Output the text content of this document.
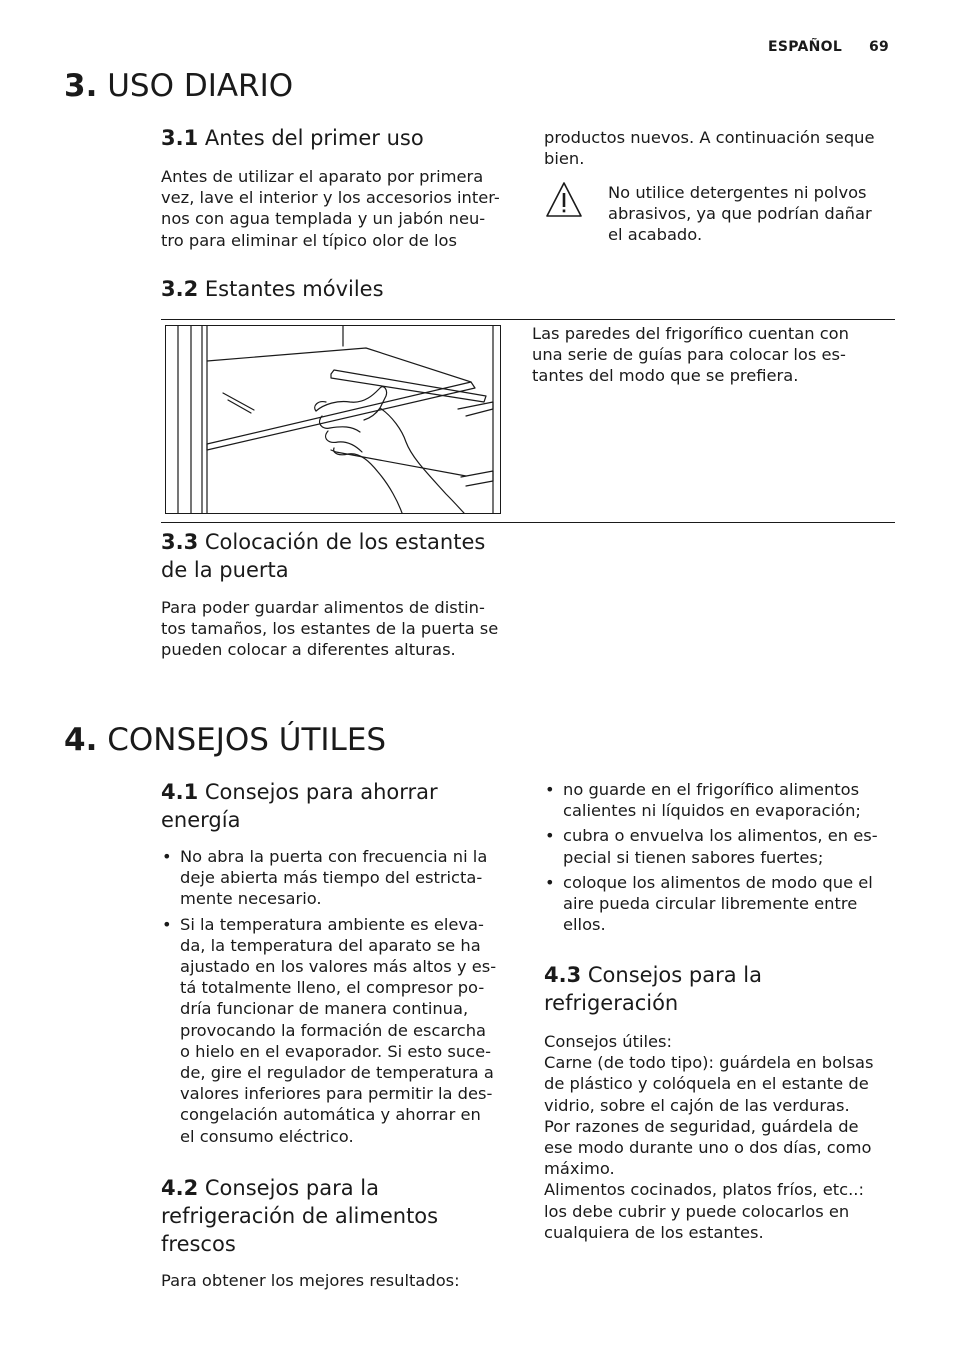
ESPAÑOL 69
3. USO DIARIO
3.1 Antes del primer uso
Antes de utilizar el aparato por primera
vez, lave el interior y los accesorios inter-
nos con agua templada y un jabón neu-
tro para eliminar el típico olor de los
productos nuevos. A continuación seque
bien.
No utilice detergentes ni polvos
abrasivos, ya que podrían dañar
el acabado.
3.2 Estantes móviles
Las paredes del frigorífico cuentan con
una serie de guías para colocar los es-
tantes del modo que se prefiera.
3.3 Colocación de los estantes
de la puerta
Para poder guardar alimentos de distin-
tos tamaños, los estantes de la puerta se
pueden colocar a diferentes alturas.
4. CONSEJOS ÚTILES
4.1 Consejos para ahorrar
energía
• No abra la puerta con frecuencia ni la
deje abierta más tiempo del estricta-
mente necesario.
• Si la temperatura ambiente es eleva-
da, la temperatura del aparato se ha
ajustado en los valores más altos y es-
tá totalmente lleno, el compresor po-
dría funcionar de manera continua,
provocando la formación de escarcha
o hielo en el evaporador. Si esto suce-
de, gire el regulador de temperatura a
valores inferiores para permitir la des-
congelación automática y ahorrar en
el consumo eléctrico.
4.2 Consejos para la
refrigeración de alimentos
frescos
Para obtener los mejores resultados:
• no guarde en el frigorífico alimentos
calientes ni líquidos en evaporación;
• cubra o envuelva los alimentos, en es-
pecial si tienen sabores fuertes;
• coloque los alimentos de modo que el
aire pueda circular libremente entre
ellos.
4.3 Consejos para la
refrigeración
Consejos útiles:
Carne (de todo tipo): guárdela en bolsas
de plástico y colóquela en el estante de
vidrio, sobre el cajón de las verduras.
Por razones de seguridad, guárdela de
ese modo durante uno o dos días, como
máximo.
Alimentos cocinados, platos fríos, etc..:
los debe cubrir y puede colocarlos en
cualquiera de los estantes.
